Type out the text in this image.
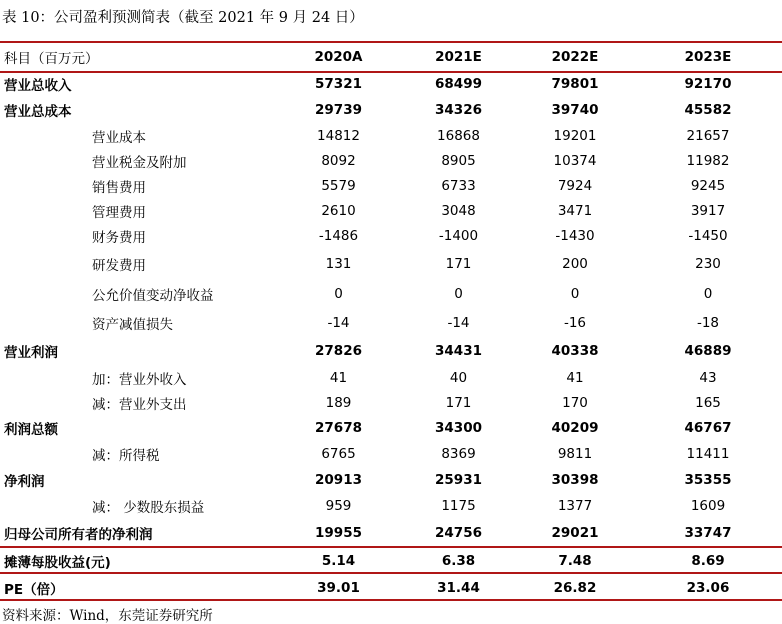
表 10：公司盈利预测简表（截至 2021 年 9 月 24 日）
科目（百万元）	2020A	2021E	2022E	2023E
营业总收入	57321	68499	79801	92170
营业总成本	29739	34326	39740	45582
营业成本	14812	16868	19201	21657
营业税金及附加	8092	8905	10374	11982
销售费用	5579	6733	7924	9245
管理费用	2610	3048	3471	3917
财务费用	-1486	-1400	-1430	-1450
研发费用	131	171	200	230
公允价值变动净收益	0	0	0	0
资产减值损失	-14	-14	-16	-18
营业利润	27826	34431	40338	46889
加：营业外收入	41	40	41	43
减：营业外支出	189	171	170	165
利润总额	27678	34300	40209	46767
减：所得税	6765	8369	9811	11411
净利润	20913	25931	30398	35355
减： 少数股东损益	959	1175	1377	1609
归母公司所有者的净利润	19955	24756	29021	33747
摊薄每股收益(元)	5.14	6.38	7.48	8.69
PE（倍）	39.01	31.44	26.82	23.06
资料来源：Wind，东莞证券研究所
